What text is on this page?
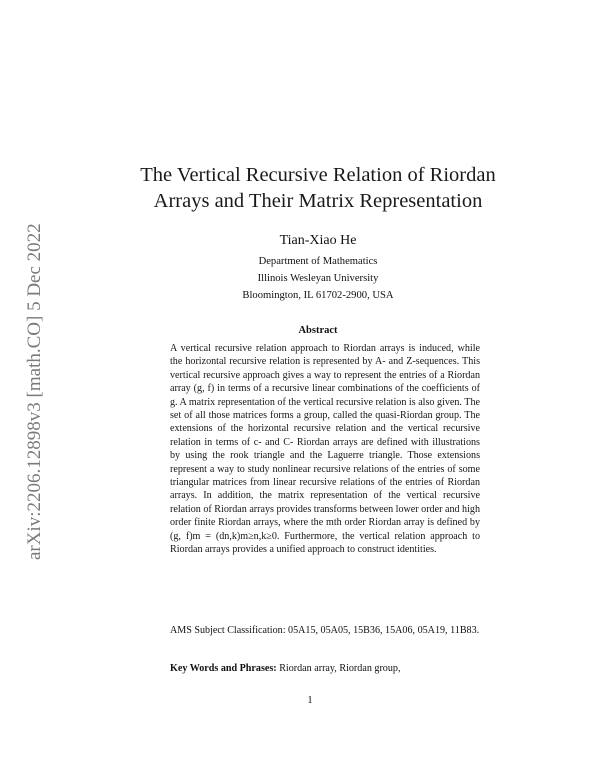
arXiv:2206.12898v3 [math.CO] 5 Dec 2022
The Vertical Recursive Relation of Riordan
Arrays and Their Matrix Representation
Tian-Xiao He
Department of Mathematics
Illinois Wesleyan University
Bloomington, IL 61702-2900, USA
Abstract
A vertical recursive relation approach to Riordan arrays is induced, while the horizontal recursive relation is represented by A- and Z-sequences. This vertical recursive approach gives a way to represent the entries of a Riordan array (g, f) in terms of a recursive linear combinations of the coefficients of g. A matrix representation of the vertical recursive relation is also given. The set of all those matrices forms a group, called the quasi-Riordan group. The extensions of the horizontal recursive relation and the vertical recursive relation in terms of c- and C- Riordan arrays are defined with illustrations by using the rook triangle and the Laguerre triangle. Those extensions represent a way to study nonlinear recursive relations of the entries of some triangular matrices from linear recursive relations of the entries of Riordan arrays. In addition, the matrix representation of the vertical recursive relation of Riordan arrays provides transforms between lower order and high order finite Riordan arrays, where the mth order Riordan array is defined by (g, f)m = (dn,k)m≥n,k≥0. Furthermore, the vertical relation approach to Riordan arrays provides a unified approach to construct identities.
AMS Subject Classification: 05A15, 05A05, 15B36, 15A06, 05A19, 11B83.
Key Words and Phrases: Riordan array, Riordan group,
1
